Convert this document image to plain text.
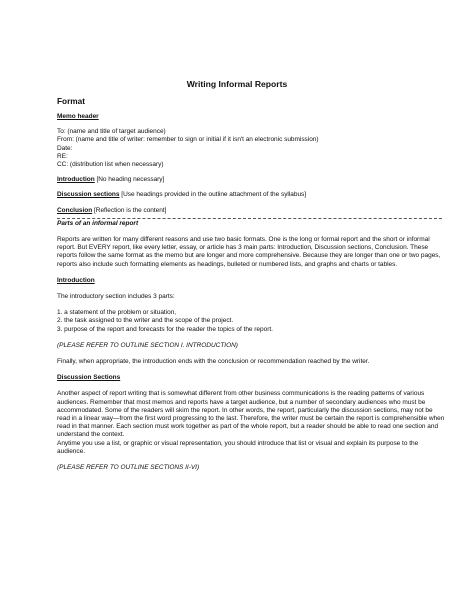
Writing Informal Reports
Format
Memo header
To: (name and title of target audience)
From: (name and title of writer: remember to sign or initial if it isn't an electronic submission)
Date:
RE:
CC: (distribution list when necessary)
Introduction [No heading necessary]
Discussion sections [Use headings provided in the outline attachment of the syllabus]
Conclusion [Reflection is the content]
Parts of an informal report

Reports are written for many different reasons and use two basic formats. One is the long or formal report and the short or informal report. But EVERY report, like every letter, essay, or article has 3 main parts: Introduction, Discussion sections, Conclusion. These reports follow the same format as the memo but are longer and more comprehensive. Because they are longer than one or two pages, reports also include such formatting elements as headings, bulleted or numbered lists, and graphs and charts or tables.

Introduction

The introductory section includes 3 parts:

1. a statement of the problem or situation,
2. the task assigned to the writer and the scope of the project.
3. purpose of the report and forecasts for the reader the topics of the report.

(PLEASE REFER TO OUTLINE SECTION I. INTRODUCTION)

Finally, when appropriate, the introduction ends with the conclusion or recommendation reached by the writer.

Discussion Sections

Another aspect of report writing that is somewhat different from other business communications is the reading patterns of various audiences. Remember that most memos and reports have a target audience, but a number of secondary audiences who must be accommodated. Some of the readers will skim the report. In other words, the report, particularly the discussion sections, may not be read in a linear way—from the first word progressing to the last. Therefore, the writer must be certain the report is comprehensible when read in that manner. Each section must work together as part of the whole report, but a reader should be able to read one section and understand the context.

Anytime you use a list, or graphic or visual representation, you should introduce that list or visual and explain its purpose to the audience.

(PLEASE REFER TO OUTLINE SECTIONS II-VI)
